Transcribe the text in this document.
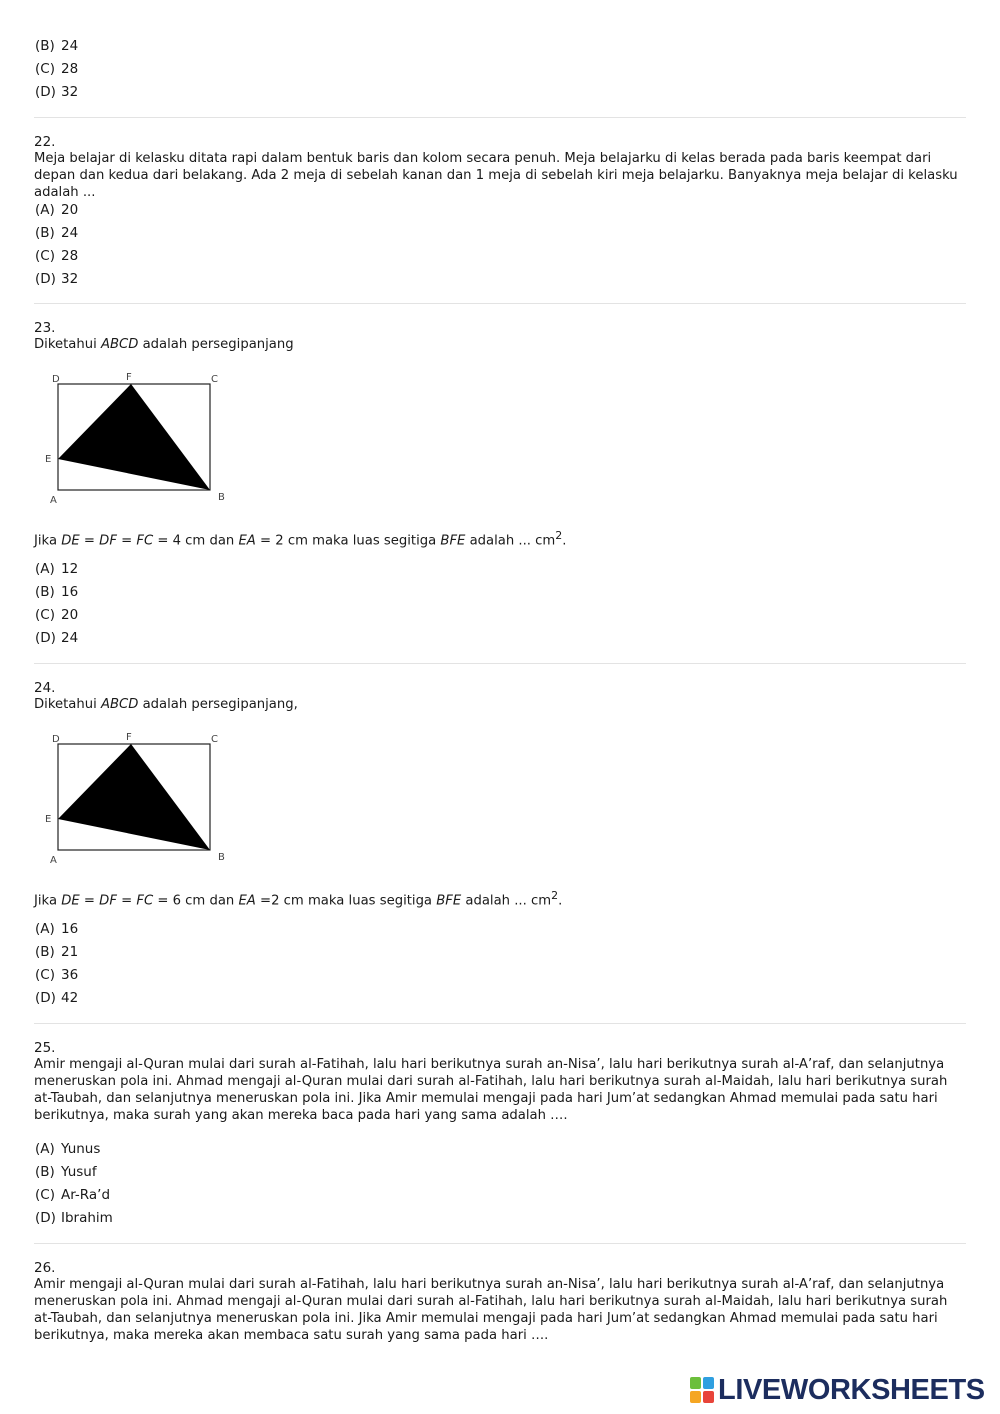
(B) 24
(C) 28
(D) 32
22.
Meja belajar di kelasku ditata rapi dalam bentuk baris dan kolom secara penuh. Meja belajarku di kelas berada pada baris keempat dari depan dan kedua dari belakang. Ada 2 meja di sebelah kanan dan 1 meja di sebelah kiri meja belajarku. Banyaknya meja belajar di kelasku adalah ...
(A) 20
(B) 24
(C) 28
(D) 32
23.
Diketahui ABCD adalah persegipanjang
D	F	C
E
A	B
Jika DE = DF = FC = 4 cm dan EA = 2 cm maka luas segitiga BFE adalah ... $cm^2$.
(A) 12
(B) 16
(C) 20
(D) 24
24.
Diketahui ABCD adalah persegipanjang,
D	F	C
E
A	B
Jika DE = DF = FC = 6 cm dan EA =2 cm maka luas segitiga BFE adalah ... $cm^2$.
(A) 16
(B) 21
(C) 36
(D) 42
25.
Amir mengaji al-Quran mulai dari surah al-Fatihah, lalu hari berikutnya surah an-Nisa’, lalu hari berikutnya surah al-A’raf, dan selanjutnya meneruskan pola ini. Ahmad mengaji al-Quran mulai dari surah al-Fatihah, lalu hari berikutnya surah al-Maidah, lalu hari berikutnya surah at-Taubah, dan selanjutnya meneruskan pola ini. Jika Amir memulai mengaji pada hari Jum’at sedangkan Ahmad memulai pada satu hari berikutnya, maka surah yang akan mereka baca pada hari yang sama adalah ….
(A) Yunus
(B) Yusuf
(C) Ar-Ra’d
(D) Ibrahim
26.
Amir mengaji al-Quran mulai dari surah al-Fatihah, lalu hari berikutnya surah an-Nisa’, lalu hari berikutnya surah al-A’raf, dan selanjutnya meneruskan pola ini. Ahmad mengaji al-Quran mulai dari surah al-Fatihah, lalu hari berikutnya surah al-Maidah, lalu hari berikutnya surah at-Taubah, dan selanjutnya meneruskan pola ini. Jika Amir memulai mengaji pada hari Jum’at sedangkan Ahmad memulai pada satu hari berikutnya, maka mereka akan membaca satu surah yang sama pada hari ….
LIVEWORKSHEETS
